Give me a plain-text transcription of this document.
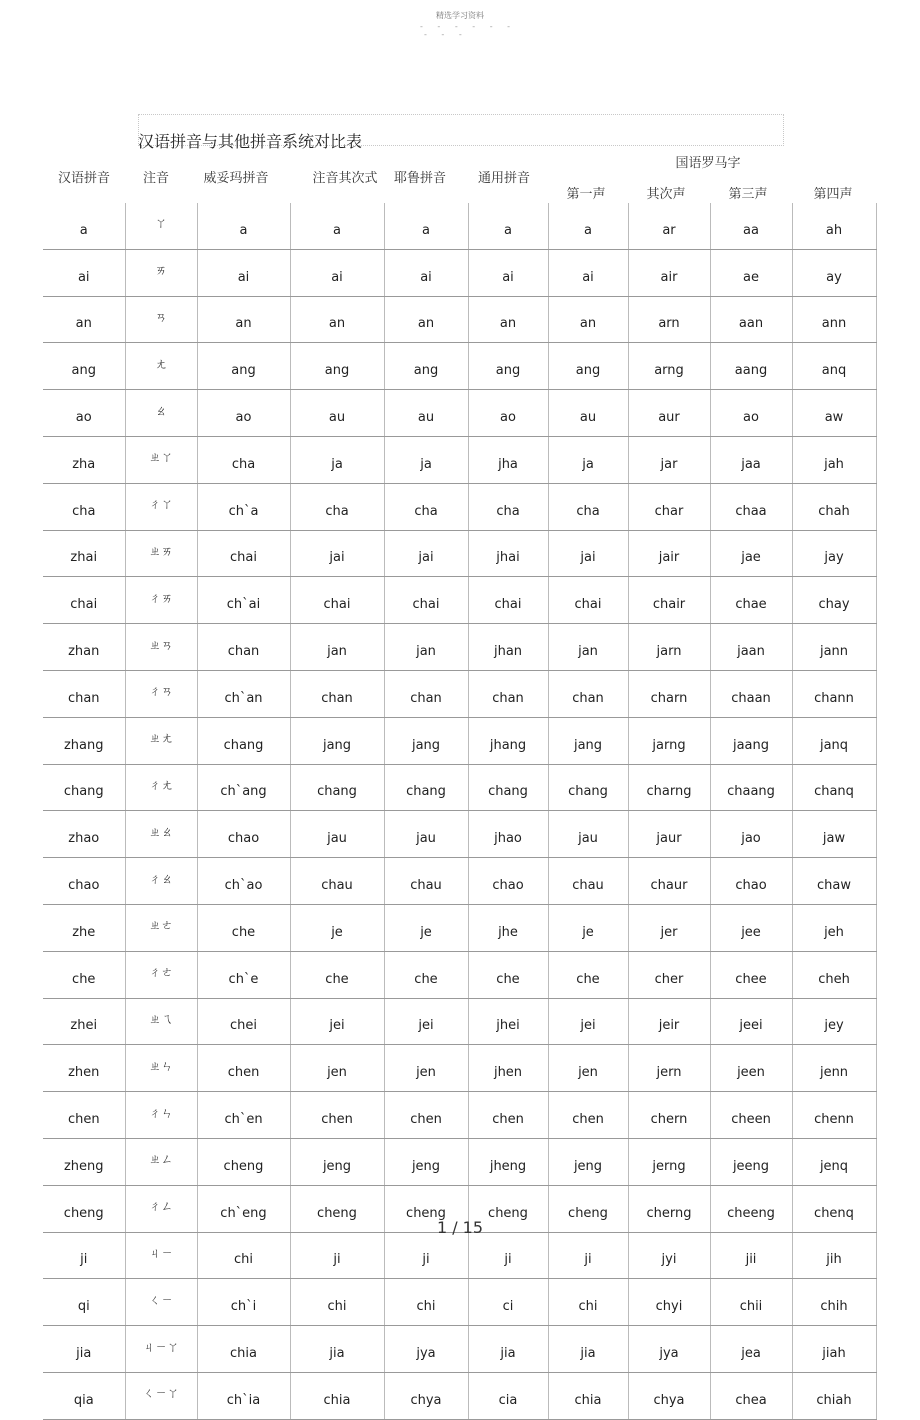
精选学习资料
- - - - - -
- - -
汉语拼音与其他拼音系统对比表
汉语拼音	注音	威妥玛拼音	注音其次式	耶鲁拼音	通用拼音
国语罗马字
第一声	其次声	第三声	第四声
a	ㄚ	a	a	a	a	a	ar	aa	ah
ai	ㄞ	ai	ai	ai	ai	ai	air	ae	ay
an	ㄢ	an	an	an	an	an	arn	aan	ann
ang	ㄤ	ang	ang	ang	ang	ang	arng	aang	anq
ao	ㄠ	ao	au	au	ao	au	aur	ao	aw
zha	ㄓㄚ	cha	ja	ja	jha	ja	jar	jaa	jah
cha	ㄔㄚ	ch`a	cha	cha	cha	cha	char	chaa	chah
zhai	ㄓㄞ	chai	jai	jai	jhai	jai	jair	jae	jay
chai	ㄔㄞ	ch`ai	chai	chai	chai	chai	chair	chae	chay
zhan	ㄓㄢ	chan	jan	jan	jhan	jan	jarn	jaan	jann
chan	ㄔㄢ	ch`an	chan	chan	chan	chan	charn	chaan	chann
zhang	ㄓㄤ	chang	jang	jang	jhang	jang	jarng	jaang	janq
chang	ㄔㄤ	ch`ang	chang	chang	chang	chang	charng	chaang	chanq
zhao	ㄓㄠ	chao	jau	jau	jhao	jau	jaur	jao	jaw
chao	ㄔㄠ	ch`ao	chau	chau	chao	chau	chaur	chao	chaw
zhe	ㄓㄜ	che	je	je	jhe	je	jer	jee	jeh
che	ㄔㄜ	ch`e	che	che	che	che	cher	chee	cheh
zhei	ㄓㄟ	chei	jei	jei	jhei	jei	jeir	jeei	jey
zhen	ㄓㄣ	chen	jen	jen	jhen	jen	jern	jeen	jenn
chen	ㄔㄣ	ch`en	chen	chen	chen	chen	chern	cheen	chenn
zheng	ㄓㄥ	cheng	jeng	jeng	jheng	jeng	jerng	jeeng	jenq
cheng	ㄔㄥ	ch`eng	cheng	cheng	cheng	cheng	cherng	cheeng	chenq
ji	ㄐㄧ	chi	ji	ji	ji	ji	jyi	jii	jih
qi	ㄑㄧ	ch`i	chi	chi	ci	chi	chyi	chii	chih
jia	ㄐㄧㄚ	chia	jia	jya	jia	jia	jya	jea	jiah
qia	ㄑㄧㄚ	ch`ia	chia	chya	cia	chia	chya	chea	chiah
1 / 15
